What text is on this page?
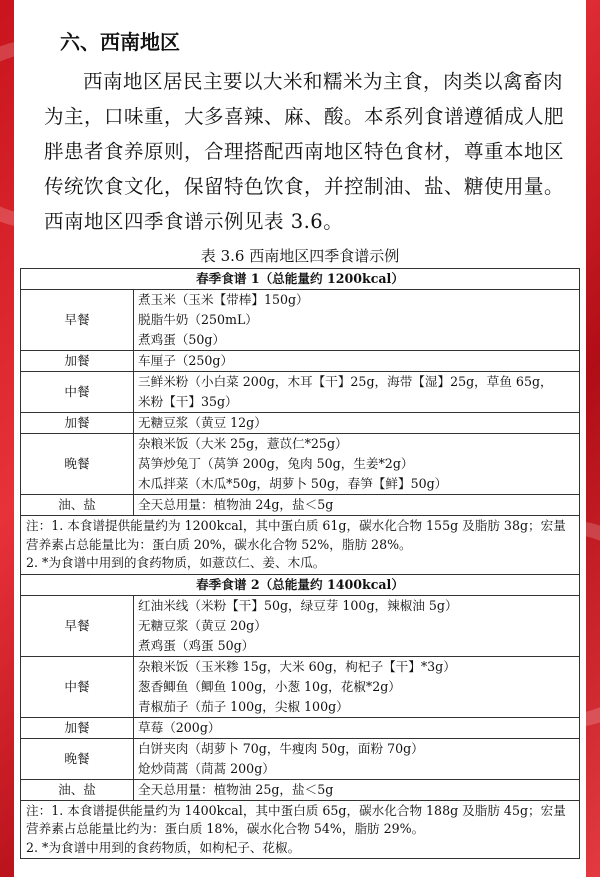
六、西南地区

西南地区居民主要以大米和糯米为主食，肉类以禽畜肉为主，口味重，大多喜辣、麻、酸。本系列食谱遵循成人肥胖患者食养原则，合理搭配西南地区特色食材，尊重本地区传统饮食文化，保留特色饮食，并控制油、盐、糖使用量。西南地区四季食谱示例见表 3.6。

表 3.6 西南地区四季食谱示例
春季食谱 1（总能量约 1200kcal）	
早餐	煮玉米（玉米【带棒】150g）
脱脂牛奶（250mL）
煮鸡蛋（50g）

加餐	车厘子（250g）
中餐	三鲜米粉（小白菜 200g，木耳【干】25g，海带【湿】25g，草鱼 65g，
米粉【干】35g）

加餐	无糖豆浆（黄豆 12g）
晚餐	杂粮米饭（大米 25g，薏苡仁*25g）
莴笋炒兔丁（莴笋 200g，兔肉 50g，生姜*2g）
木瓜拌菜（木瓜*50g，胡萝卜 50g，春笋【鲜】50g）

油、盐	全天总用量：植物油 24g，盐＜5g

注：1. 本食谱提供能量约为 1200kcal，其中蛋白质 61g，碳水化合物 155g 及脂肪 38g；宏量营养素占总能量比为：蛋白质 20%，碳水化合物 52%，脂肪 28%。
2. *为食谱中用到的食药物质，如薏苡仁、姜、木瓜。	

春季食谱 2（总能量约 1400kcal）	
早餐	红油米线（米粉【干】50g，绿豆芽 100g，辣椒油 5g）
无糖豆浆（黄豆 20g）
煮鸡蛋（鸡蛋 50g）

中餐	杂粮米饭（玉米糁 15g，大米 60g，枸杞子【干】*3g）
葱香鲫鱼（鲫鱼 100g，小葱 10g，花椒*2g）
青椒茄子（茄子 100g，尖椒 100g）

加餐	草莓（200g）
晚餐	白饼夹肉（胡萝卜 70g，牛瘦肉 50g，面粉 70g）
炝炒茼蒿（茼蒿 200g）

油、盐	全天总用量：植物油 25g，盐＜5g

注：1. 本食谱提供能量约为 1400kcal，其中蛋白质 65g，碳水化合物 188g 及脂肪 45g；宏量营养素占总能量比约为：蛋白质 18%，碳水化合物 54%，脂肪 29%。
2. *为食谱中用到的食药物质，如枸杞子、花椒。	
